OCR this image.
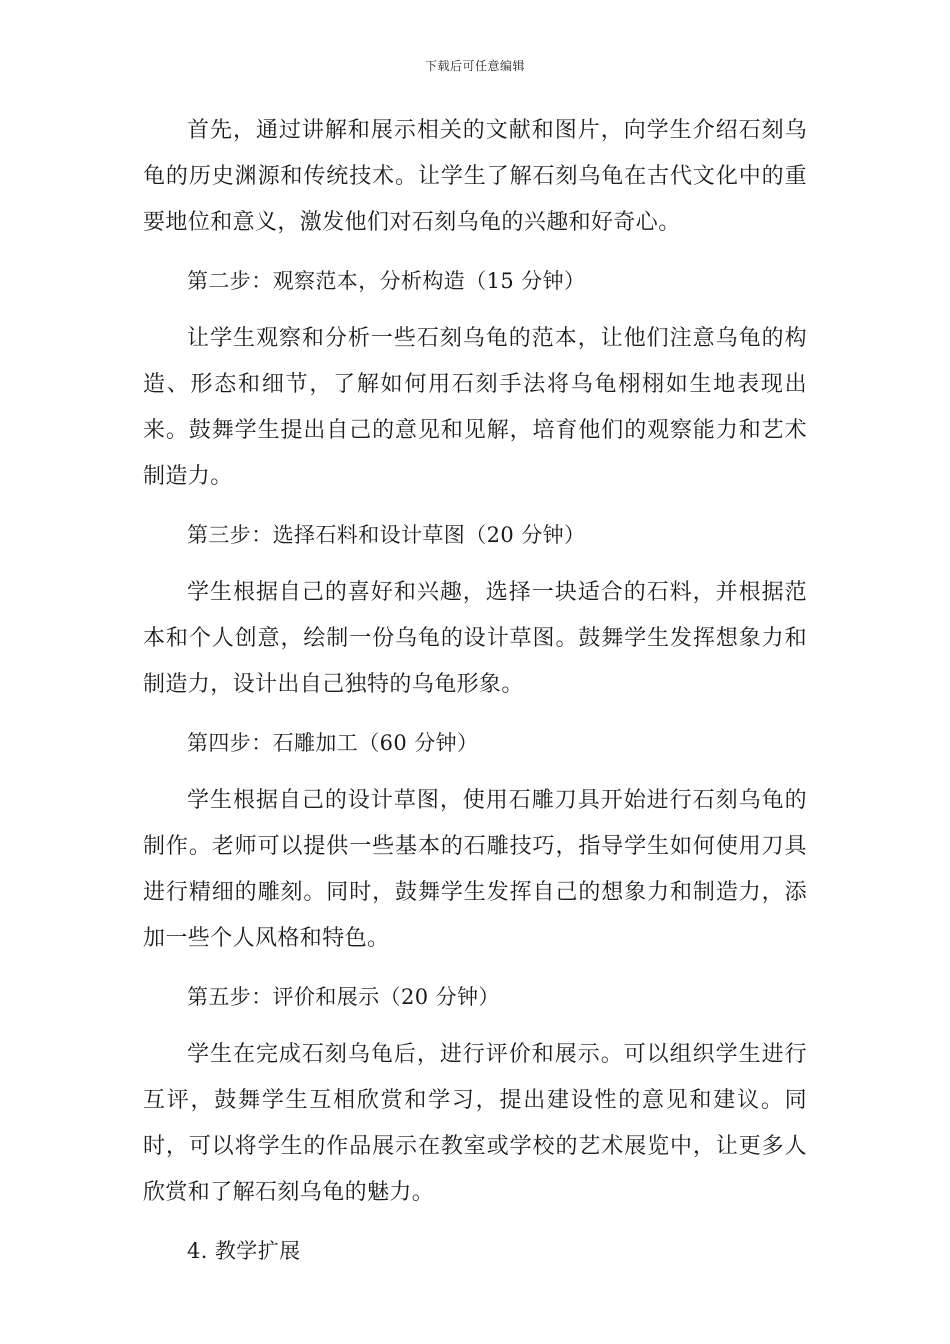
下载后可任意编辑

首先，通过讲解和展示相关的文献和图片，向学生介绍石刻乌龟的历史渊源和传统技术。让学生了解石刻乌龟在古代文化中的重要地位和意义，激发他们对石刻乌龟的兴趣和好奇心。

第二步：观察范本，分析构造（15 分钟）

让学生观察和分析一些石刻乌龟的范本，让他们注意乌龟的构造、形态和细节，了解如何用石刻手法将乌龟栩栩如生地表现出来。鼓舞学生提出自己的意见和见解，培育他们的观察能力和艺术制造力。

第三步：选择石料和设计草图（20 分钟）

学生根据自己的喜好和兴趣，选择一块适合的石料，并根据范本和个人创意，绘制一份乌龟的设计草图。鼓舞学生发挥想象力和制造力，设计出自己独特的乌龟形象。

第四步：石雕加工（60 分钟）

学生根据自己的设计草图，使用石雕刀具开始进行石刻乌龟的制作。老师可以提供一些基本的石雕技巧，指导学生如何使用刀具进行精细的雕刻。同时，鼓舞学生发挥自己的想象力和制造力，添加一些个人风格和特色。

第五步：评价和展示（20 分钟）

学生在完成石刻乌龟后，进行评价和展示。可以组织学生进行互评，鼓舞学生互相欣赏和学习，提出建设性的意见和建议。同时，可以将学生的作品展示在教室或学校的艺术展览中，让更多人欣赏和了解石刻乌龟的魅力。

4. 教学扩展
